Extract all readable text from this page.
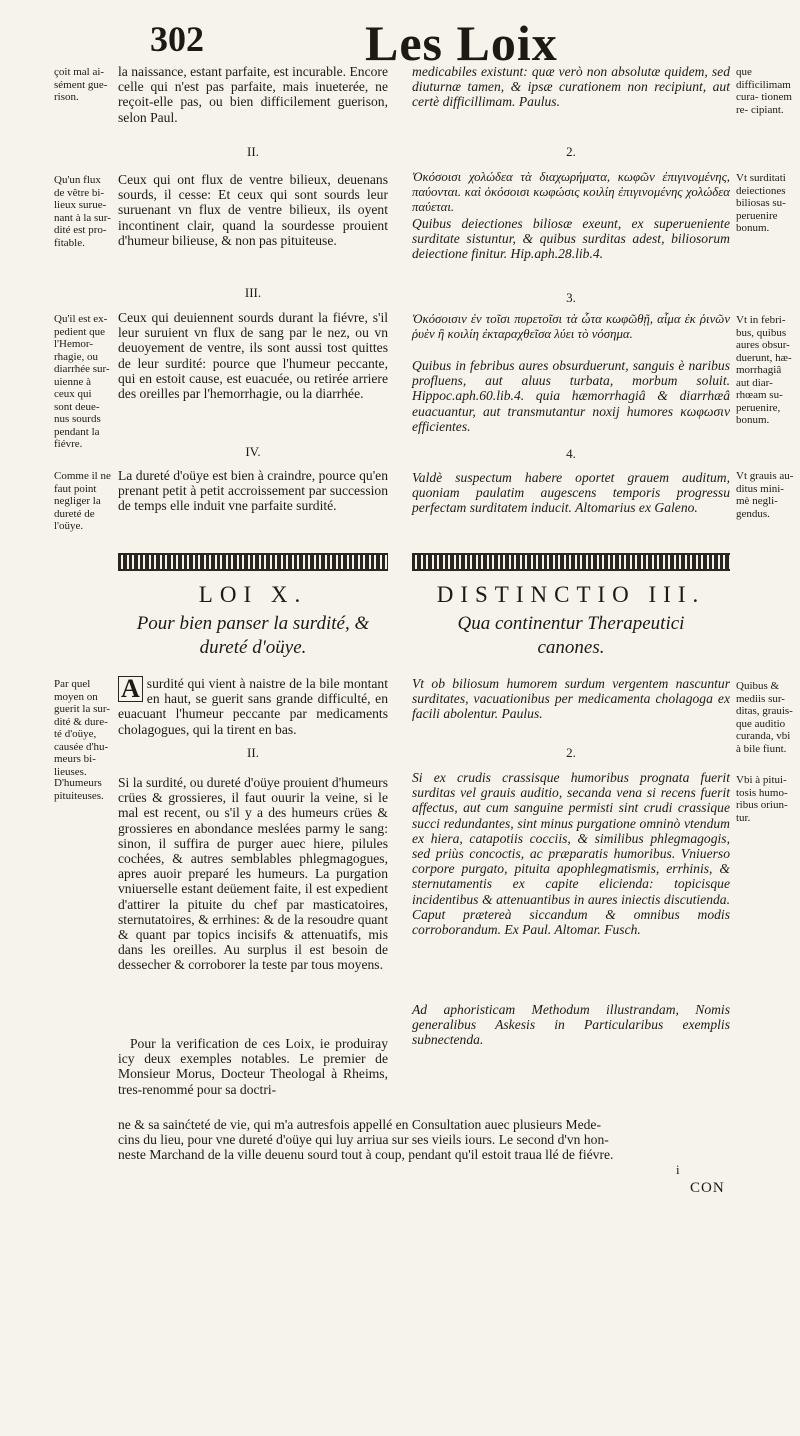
302	Les Loix
çoit mal ai- sément gue- rison.

la naissance, estant parfaite, est incurable. Encore celle qui n'est pas parfaite, mais inueterée, ne reçoit-elle pas, ou bien difficilement guerison, selon Paul.

II.
Qu'un flux de vêtre bi- lieux surue- nant à la sur- dité est pro- fitable.

Ceux qui ont flux de ventre bilieux, deuenans sourds, il cesse: Et ceux qui sont sourds leur suruenant vn flux de ventre bilieux, ils oyent incontinent clair, quand la sourdesse prouient d'humeur bilieuse, & non pas pituiteuse.

III.
Qu'il est ex- pedient que l'Hemor- rhagie, ou diarrhée sur- uienne à ceux qui sont deue- nus sourds pendant la fiévre.

Ceux qui deuiennent sourds durant la fiévre, s'il leur suruient vn flux de sang par le nez, ou vn deuoyement de ventre, ils sont aussi tost quittes de leur surdité: pource que l'humeur peccante, qui en estoit cause, est euacuée, ou retirée arriere des oreilles par l'hemorrhagie, ou la diarrhée.

IV.
Comme il ne faut point negliger la dureté de l'oüye.

La dureté d'oüye est bien à craindre, pource qu'en prenant petit à petit accroissement par succession de temps elle induit vne parfaite surdité.

LOI X.
Pour bien panser la surdité, &
dureté d'oüye.
Par quel moyen on guerit la sur- dité & dure- té d'oüye, causée d'hu- meurs bi- lieuses.
A surdité qui vient à naistre de la bile montant en haut, se guerit sans grande difficulté, en euacuant l'humeur peccante par medicaments cholagogues, qui la tirent en bas.
II.
D'humeurs pituiteuses.

Si la surdité, ou dureté d'oüye prouient d'humeurs crües & grossieres, il faut ouurir la veine, si le mal est recent, ou s'il y a des humeurs crües & grossieres en abondance meslées parmy le sang: sinon, il suffira de purger auec hiere, pilules cochées, & autres semblables phlegmagogues, apres auoir preparé les humeurs. La purgation vniuerselle estant deüement faite, il est expedient d'attirer la pituite du chef par masticatoires, sternutatoires, & errhines: & de la resoudre quant & quant par topics incisifs & attenuatifs, mis dans les oreilles. Au surplus il est besoin de dessecher & corroborer la teste par tous moyens.

Pour la verification de ces Loix, ie produiray icy deux exemples notables. Le premier de Monsieur Morus, Docteur Theologal à Rheims, tres-renommé pour sa doctri-

medicabiles existunt: quæ verò non absolutæ quidem, sed diuturnæ tamen, & ipsæ curationem non recipiunt, aut certè difficillimam. Paulus.

que difficilimam cura- tionem re- cipiant.
2.

Ὀκόσοισι χολώδεα τὰ διαχωρήματα, κωφῶν ἐπιγινομένης, παύονται. καὶ ὁκόσοισι κωφώσις κοιλίη ἐπιγινομένης χολώδεα παύεται.

Quibus deiectiones biliosæ exeunt, ex superueniente surditate sistuntur, & quibus surditas adest, biliosorum deiectione finitur. Hip.aph.28.lib.4.

Vt surditati deiectiones biliosas su- peruenire bonum.
3.

Ὀκόσοισιν ἐν τοῖσι πυρετοῖσι τὰ ὦτα κωφῶθῇ, αἷμα ἐκ ῥινῶν ῥυὲν ἢ κοιλίη ἐκταραχθεῖσα λύει τὸ νόσημα.

Quibus in febribus aures obsurduerunt, sanguis è naribus profluens, aut aluus turbata, morbum soluit. Hippoc.aph.60.lib.4. quia hæmorrhagiâ & diarrhæâ euacuantur, aut transmutantur noxij humores κωφωσιν efficientes.

Vt in febri- bus, quibus aures obsur- duerunt, hæ- morrhagiâ aut diar- rhœam su- peruenire, bonum.
4.

Valdè suspectum habere oportet grauem auditum, quoniam paulatim augescens temporis progressu perfectam surditatem inducit. Altomarius ex Galeno.

Vt grauis au- ditus mini- mè negli- gendus.
DISTINCTIO III.
Qua continentur Therapeutici
canones.

Vt ob biliosum humorem surdum vergentem nascuntur surditates, vacuationibus per medicamenta cholagoga ex facili abolentur. Paulus.

Quibus & mediis sur- ditas, grauis- que auditio curanda, vbi à bile fiunt.
2.

Si ex crudis crassisque humoribus prognata fuerit surditas vel grauis auditio, secanda vena si recens fuerit affectus, aut cum sanguine permisti sint crudi crassique succi redundantes, sint minus purgatione omninò vtendum ex hiera, catapotiis cocciis, & similibus phlegmagogis, sed priùs concoctis, ac præparatis humoribus. Vniuerso corpore purgato, pituita apophlegmatismis, errhinis, & sternutamentis ex capite elicienda: topicisque incidentibus & attenuantibus in aures iniectis discutienda. Caput prætereà siccandum & omnibus modis corroborandum. Ex Paul. Altomar. Fusch.

Vbi à pitui- tosis humo- ribus oriun- tur.

Ad aphoristicam Methodum illustrandam, Nomis generalibus Askesis in Particularibus exemplis subnectenda.

ne & sa sainćteté de vie, qui m'a autresfois appellé en Consultation auec plusieurs Mede-
cins du lieu, pour vne dureté d'oüye qui luy arriua sur ses vieils iours. Le second d'vn hon-
neste Marchand de la ville deuenu sourd tout à coup, pendant qu'il estoit traua llé de fiévre.
i
CON
